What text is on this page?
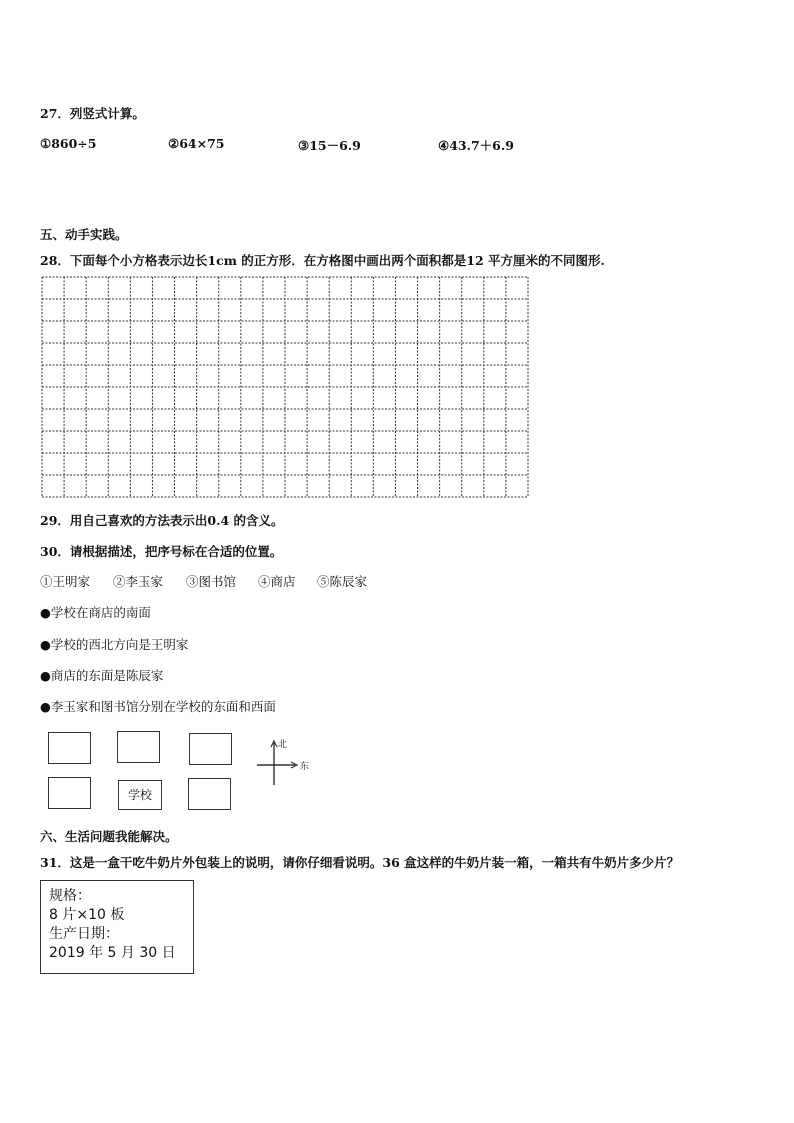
27．列竖式计算。
①860÷5	②64×75	③15－6.9	④43.7＋6.9
五、动手实践。
28．下面每个小方格表示边长1cm 的正方形．在方格图中画出两个面积都是12 平方厘米的不同图形.
29．用自己喜欢的方法表示出0.4 的含义。
30．请根据描述，把序号标在合适的位置。
①王明家 ②李玉家 ③图书馆 ④商店 ⑤陈辰家
●学校在商店的南面
●学校的西北方向是王明家
●商店的东面是陈辰家
●李玉家和图书馆分别在学校的东面和西面
学校
北
东
六、生活问题我能解决。
31．这是一盒干吃牛奶片外包装上的说明，请你仔细看说明。36 盒这样的牛奶片装一箱，一箱共有牛奶片多少片？
规格：
8 片×10 板
生产日期：
2019 年 5 月 30 日
